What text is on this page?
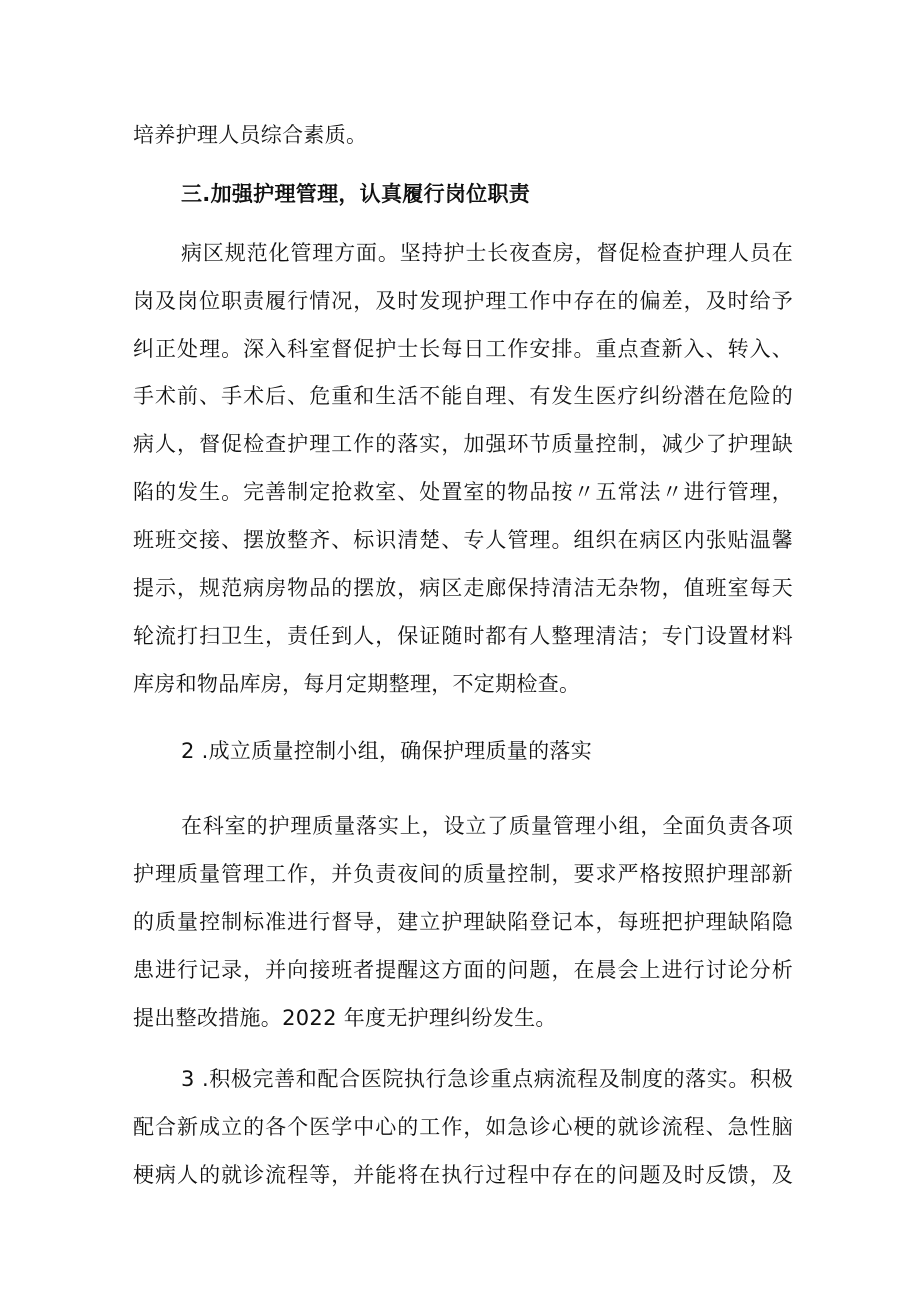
培养护理人员综合素质。
三.加强护理管理，认真履行岗位职责
病区规范化管理方面。坚持护士长夜查房，督促检查护理人员在
岗及岗位职责履行情况，及时发现护理工作中存在的偏差，及时给予
纠正处理。深入科室督促护士长每日工作安排。重点查新入、转入、
手术前、手术后、危重和生活不能自理、有发生医疗纠纷潜在危险的
病人，督促检查护理工作的落实，加强环节质量控制，减少了护理缺
陷的发生。完善制定抢救室、处置室的物品按〃五常法〃进行管理，
班班交接、摆放整齐、标识清楚、专人管理。组织在病区内张贴温馨
提示，规范病房物品的摆放，病区走廊保持清洁无杂物，值班室每天
轮流打扫卫生，责任到人，保证随时都有人整理清洁；专门设置材料
库房和物品库房，每月定期整理，不定期检查。
2 .成立质量控制小组，确保护理质量的落实
在科室的护理质量落实上，设立了质量管理小组，全面负责各项
护理质量管理工作，并负责夜间的质量控制，要求严格按照护理部新
的质量控制标准进行督导，建立护理缺陷登记本，每班把护理缺陷隐
患进行记录，并向接班者提醒这方面的问题，在晨会上进行讨论分析
提出整改措施。2022 年度无护理纠纷发生。
3 .积极完善和配合医院执行急诊重点病流程及制度的落实。积极
配合新成立的各个医学中心的工作，如急诊心梗的就诊流程、急性脑
梗病人的就诊流程等，并能将在执行过程中存在的问题及时反馈，及
